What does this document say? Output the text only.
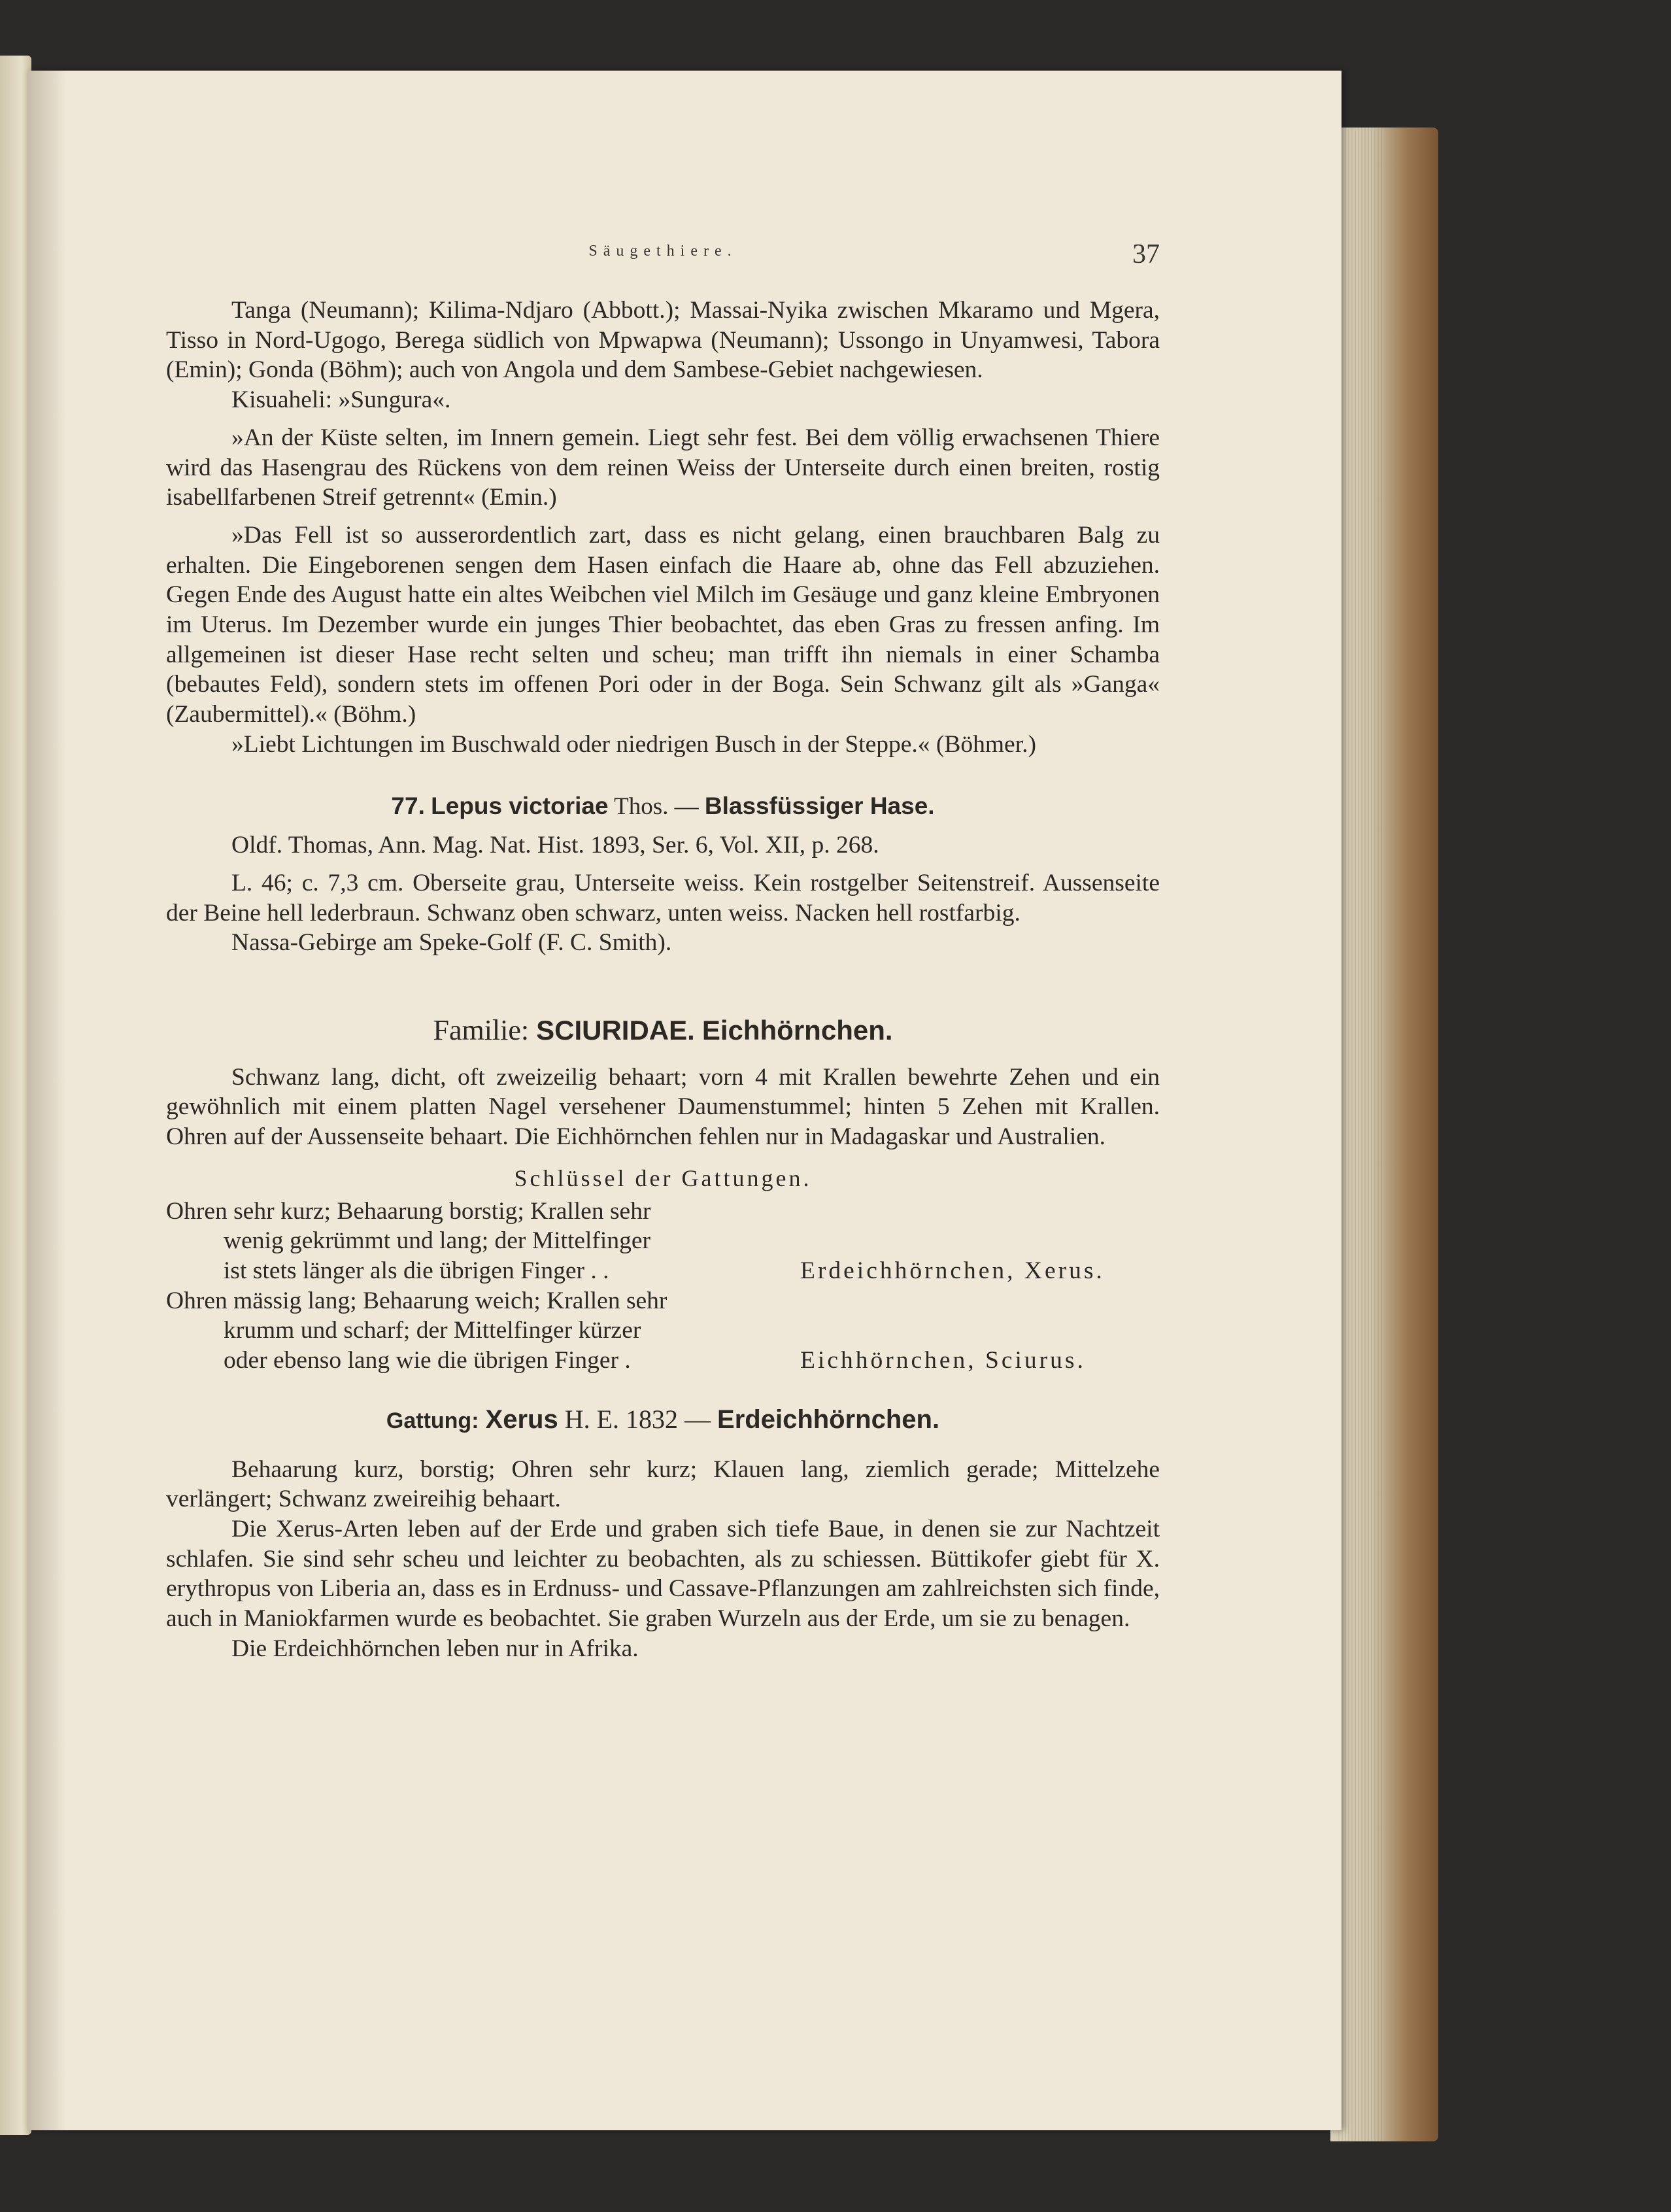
Säugethiere.	37

Tanga (Neumann); Kilima-Ndjaro (Abbott.); Massai-Nyika zwischen Mkaramo und Mgera, Tisso in Nord-Ugogo, Berega südlich von Mpwapwa (Neumann); Ussongo in Unyamwesi, Tabora (Emin); Gonda (Böhm); auch von Angola und dem Sambese-Gebiet nachgewiesen.

Kisuaheli: »Sungura«.

»An der Küste selten, im Innern gemein. Liegt sehr fest. Bei dem völlig erwachsenen Thiere wird das Hasengrau des Rückens von dem reinen Weiss der Unterseite durch einen breiten, rostig isabellfarbenen Streif getrennt« (Emin.)

»Das Fell ist so ausserordentlich zart, dass es nicht gelang, einen brauchbaren Balg zu erhalten. Die Eingeborenen sengen dem Hasen einfach die Haare ab, ohne das Fell abzuziehen. Gegen Ende des August hatte ein altes Weibchen viel Milch im Gesäuge und ganz kleine Embryonen im Uterus. Im Dezember wurde ein junges Thier beobachtet, das eben Gras zu fressen anfing. Im allgemeinen ist dieser Hase recht selten und scheu; man trifft ihn niemals in einer Schamba (bebautes Feld), sondern stets im offenen Pori oder in der Boga. Sein Schwanz gilt als »Ganga« (Zaubermittel).« (Böhm.)

»Liebt Lichtungen im Buschwald oder niedrigen Busch in der Steppe.« (Böhmer.)

77. Lepus victoriae Thos. — Blassfüssiger Hase.

Oldf. Thomas, Ann. Mag. Nat. Hist. 1893, Ser. 6, Vol. XII, p. 268.

L. 46; c. 7,3 cm. Oberseite grau, Unterseite weiss. Kein rostgelber Seitenstreif. Aussenseite der Beine hell lederbraun. Schwanz oben schwarz, unten weiss. Nacken hell rostfarbig.

Nassa-Gebirge am Speke-Golf (F. C. Smith).

Familie: SCIURIDAE. Eichhörnchen.

Schwanz lang, dicht, oft zweizeilig behaart; vorn 4 mit Krallen bewehrte Zehen und ein gewöhnlich mit einem platten Nagel versehener Daumenstummel; hinten 5 Zehen mit Krallen. Ohren auf der Aussenseite behaart. Die Eichhörnchen fehlen nur in Madagaskar und Australien.

Schlüssel der Gattungen.
Ohren sehr kurz; Behaarung borstig; Krallen sehr
wenig gekrümmt und lang; der Mittelfinger
ist stets länger als die übrigen Finger . .	Erdeichhörnchen, Xerus.
Ohren mässig lang; Behaarung weich; Krallen sehr
krumm und scharf; der Mittelfinger kürzer
oder ebenso lang wie die übrigen Finger .	Eichhörnchen, Sciurus.
Gattung: Xerus H. E. 1832 — Erdeichhörnchen.

Behaarung kurz, borstig; Ohren sehr kurz; Klauen lang, ziemlich gerade; Mittelzehe verlängert; Schwanz zweireihig behaart.

Die Xerus-Arten leben auf der Erde und graben sich tiefe Baue, in denen sie zur Nachtzeit schlafen. Sie sind sehr scheu und leichter zu beobachten, als zu schiessen. Büttikofer giebt für X. erythropus von Liberia an, dass es in Erdnuss- und Cassave-Pflanzungen am zahlreichsten sich finde, auch in Maniokfarmen wurde es beobachtet. Sie graben Wurzeln aus der Erde, um sie zu benagen.

Die Erdeichhörnchen leben nur in Afrika.
